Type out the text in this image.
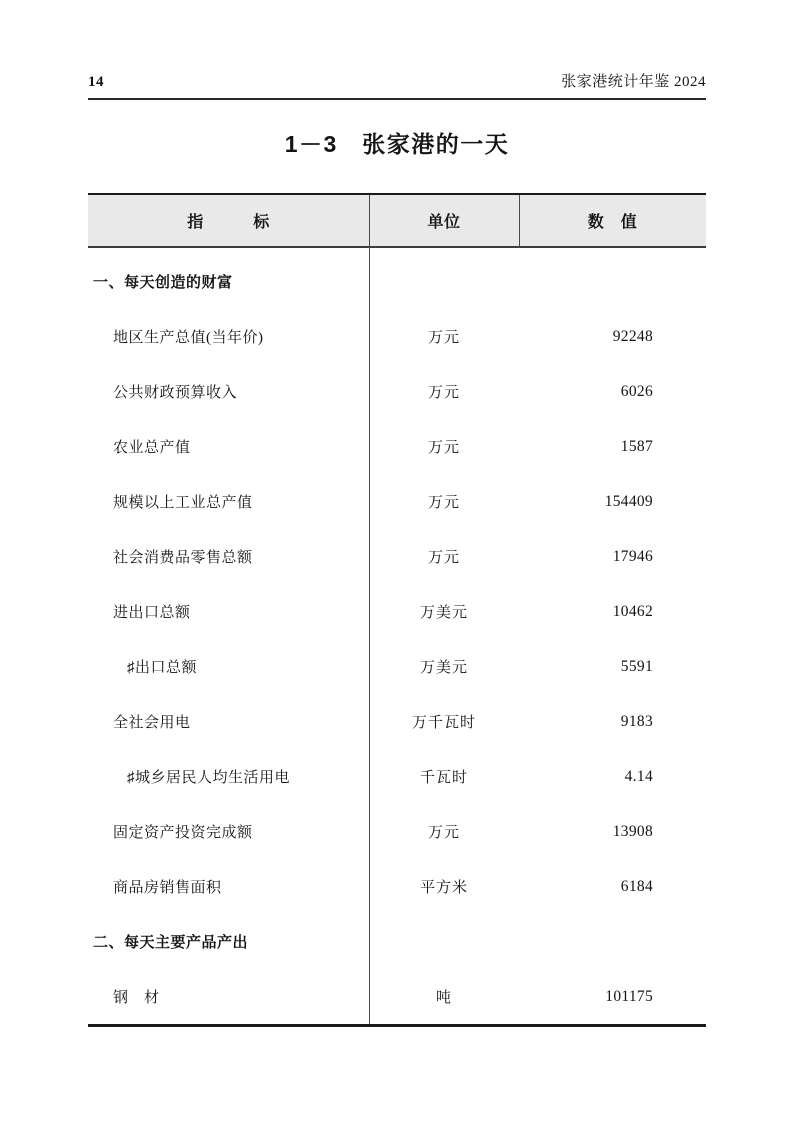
14	张家港统计年鉴 2024
1－3　张家港的一天
指　　　标	单位	数　值
一、每天创造的财富
地区生产总值(当年价)	万元	92248
公共财政预算收入	万元	6026
农业总产值	万元	1587
规模以上工业总产值	万元	154409
社会消费品零售总额	万元	17946
进出口总额	万美元	10462
♯出口总额	万美元	5591
全社会用电	万千瓦时	9183
♯城乡居民人均生活用电	千瓦时	4.14
固定资产投资完成额	万元	13908
商品房销售面积	平方米	6184
二、每天主要产品产出
钢　材	吨	101175
